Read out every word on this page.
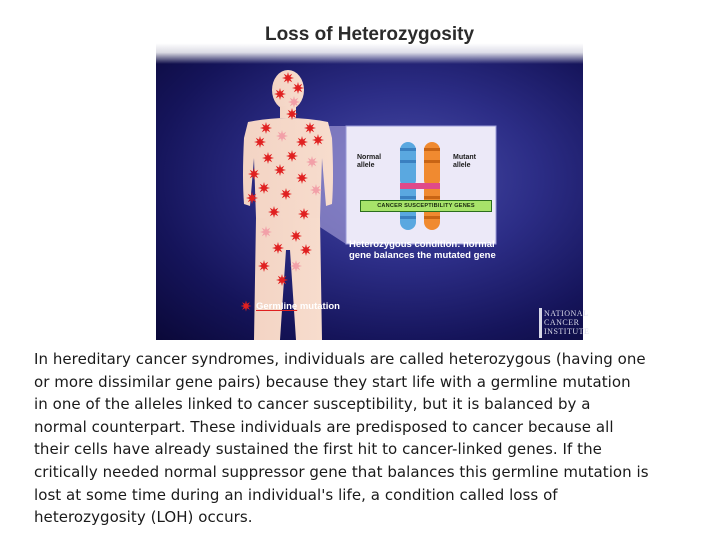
Loss of Heterozygosity
Normal
allele
Mutant
allele
CANCER SUSCEPTIBILITY GENES
Heterozygous condition: normal gene balances the mutated gene
Germline mutation
NATIONAL
CANCER
INSTITUTE
In hereditary cancer syndromes, individuals are called heterozygous (having one
or more dissimilar gene pairs) because they start life with a germline mutation
in one of the alleles linked to cancer susceptibility, but it is balanced by a
normal counterpart. These individuals are predisposed to cancer because all
their cells have already sustained the first hit to cancer-linked genes. If the
critically needed normal suppressor gene that balances this germline mutation is
lost at some time during an individual's life, a condition called loss of
heterozygosity (LOH) occurs.
